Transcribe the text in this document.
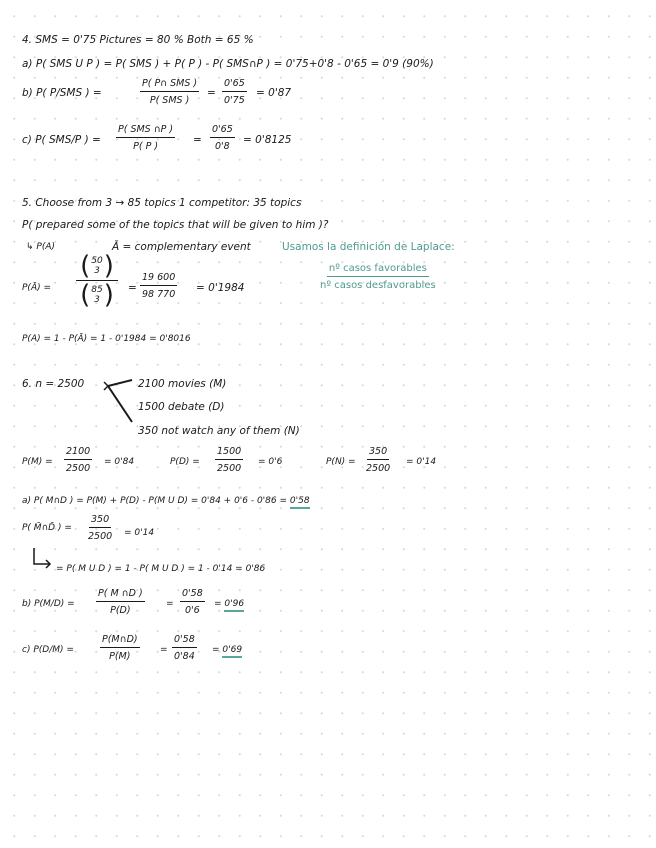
4. SMS = 0'75 Pictures = 80 % Both = 65 %
a) P( SMS U P ) = P( SMS ) + P( P ) - P( SMS∩P ) = 0'75+0'8 - 0'65 = 0'9 (90%)
b) P( P/SMS ) =
P( P∩ SMS )
P( SMS )
= $\frac{0'65}{0'75} = 0'87$
c) P( SMS/P ) =
P( SMS ∩P )
P( P )
= $\frac{0'65}{0'8} = 0'8125$
5. Choose from 3 → 85 topics 1 competitor: 35 topics
P( prepared some of the topics that will be given to him )?
↳ P(A)	Ā = complementary event	Usamos la definición de Laplace:
nº casos favorables
nº casos desfavorables
P(Ā) =
( 50
3 )
( 85
3 ) = $\frac{19 600}{98 770} = 0'1984$
P(A) = 1 - P(Ā) = 1 - 0'1984 = 0'8016
6. n = 2500	2100 movies (M)
1500 debate (D)
350 not watch any of them (N)
$P(M) = \frac{2100}{2500} = 0'84$	$P(D) = \frac{1500}{2500} = 0'6$	$P(N) = \frac{350}{2500} = 0'14$
a) P( M∩D ) = P(M) + P(D) - P(M U D) = 0'84 + 0'6 - 0'86 = 0'58
P( M̄∩D̄ ) = $\frac{350}{2500} = 0'14$
= P( M U D ) = 1 - P( M U D ) = 1 - 0'14 = 0'86
b) $P(M/D) = \frac{P( M \cap D )}{P(D)} = \frac{0'58}{0'6} = 0'96$
c) P(D/M) =	$\frac{P(M\cap D)}{P(M)} = \frac{0'58}{0'84} = 0'69$
